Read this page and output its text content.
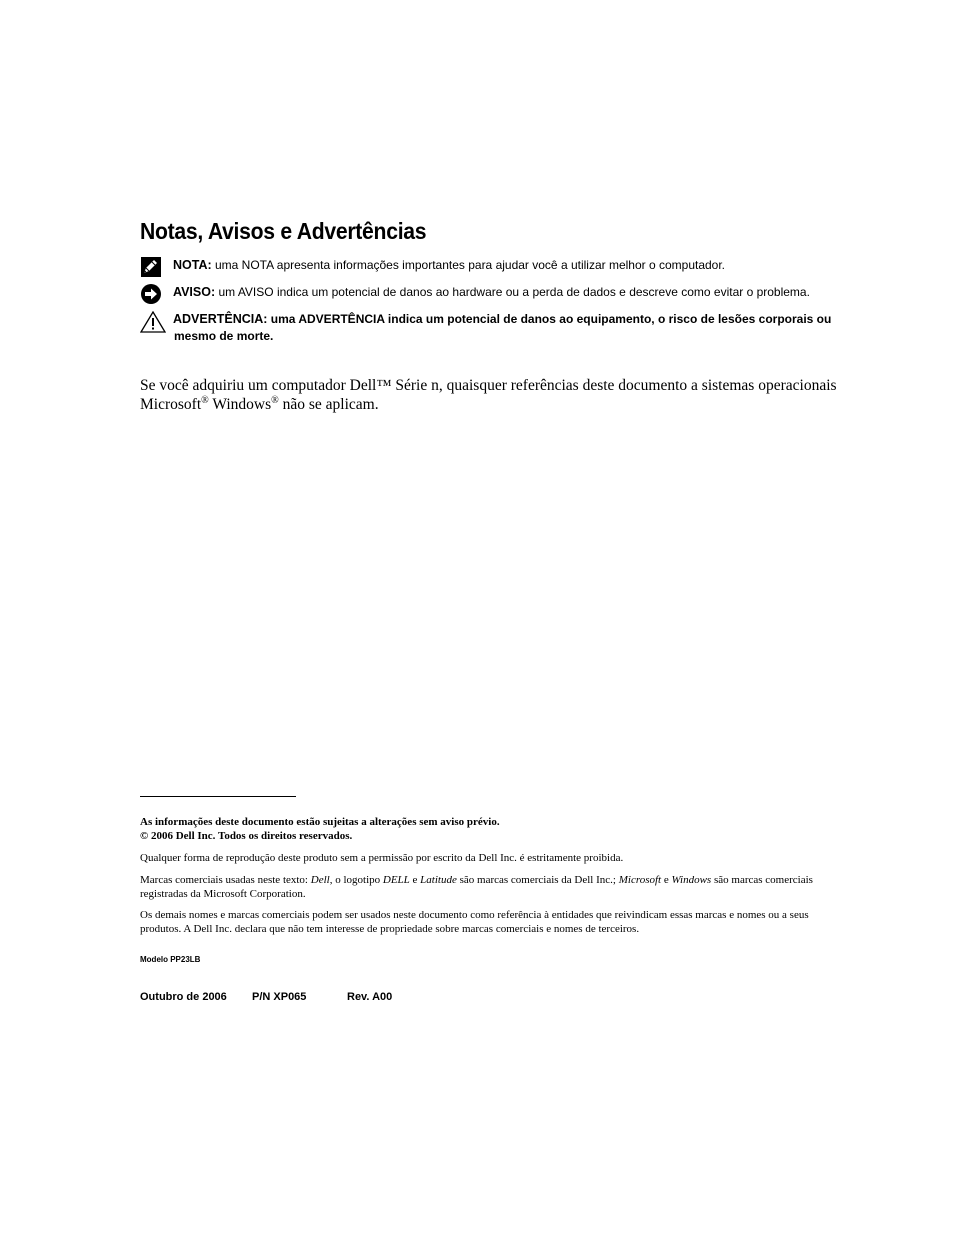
Notas, Avisos e Advertências
NOTA: uma NOTA apresenta informações importantes para ajudar você a utilizar melhor o computador.
AVISO: um AVISO indica um potencial de danos ao hardware ou a perda de dados e descreve como evitar o problema.
ADVERTÊNCIA: uma ADVERTÊNCIA indica um potencial de danos ao equipamento, o risco de lesões corporais ou
mesmo de morte.

Se você adquiriu um computador Dell™ Série n, quaisquer referências deste documento a sistemas operacionais Microsoft® Windows® não se aplicam.

As informações deste documento estão sujeitas a alterações sem aviso prévio.
© 2006 Dell Inc. Todos os direitos reservados.

Qualquer forma de reprodução deste produto sem a permissão por escrito da Dell Inc. é estritamente proibida.

Marcas comerciais usadas neste texto: Dell, o logotipo DELL e Latitude são marcas comerciais da Dell Inc.; Microsoft e Windows são marcas comerciais registradas da Microsoft Corporation.

Os demais nomes e marcas comerciais podem ser usados neste documento como referência à entidades que reivindicam essas marcas e nomes ou a seus produtos. A Dell Inc. declara que não tem interesse de propriedade sobre marcas comerciais e nomes de terceiros.

Modelo PP23LB
Outubro de 2006 P/N XP065	Rev. A00
